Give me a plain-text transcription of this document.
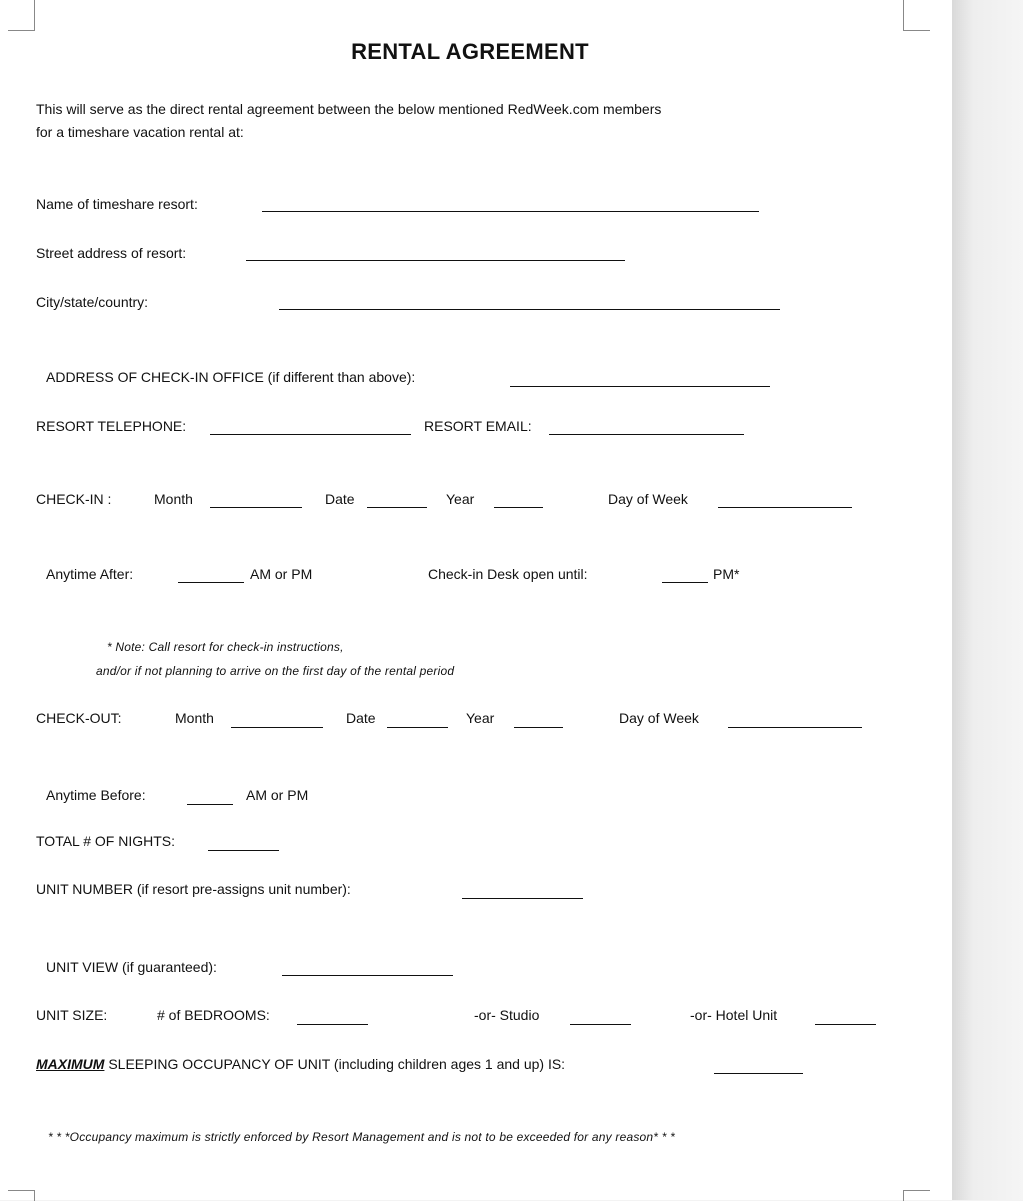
RENTAL AGREEMENT
This will serve as the direct rental agreement between the below mentioned RedWeek.com members
for a timeshare vacation rental at:
Name of timeshare resort:
Street address of resort:
City/state/country:
ADDRESS OF CHECK-IN OFFICE (if different than above):
RESORT TELEPHONE:	RESORT EMAIL:
CHECK-IN :	Month	Date	Year	Day of Week
Anytime After:	AM or PM	Check-in Desk open until:	PM*
* Note: Call resort for check-in instructions,
and/or if not planning to arrive on the first day of the rental period
CHECK-OUT:	Month	Date	Year	Day of Week
Anytime Before:	AM or PM
TOTAL # OF NIGHTS:
UNIT NUMBER (if resort pre-assigns unit number):
UNIT VIEW (if guaranteed):
UNIT SIZE:	# of BEDROOMS:	-or- Studio	-or- Hotel Unit
MAXIMUM SLEEPING OCCUPANCY OF UNIT (including children ages 1 and up) IS:
* * *Occupancy maximum is strictly enforced by Resort Management and is not to be exceeded for any reason* * *
